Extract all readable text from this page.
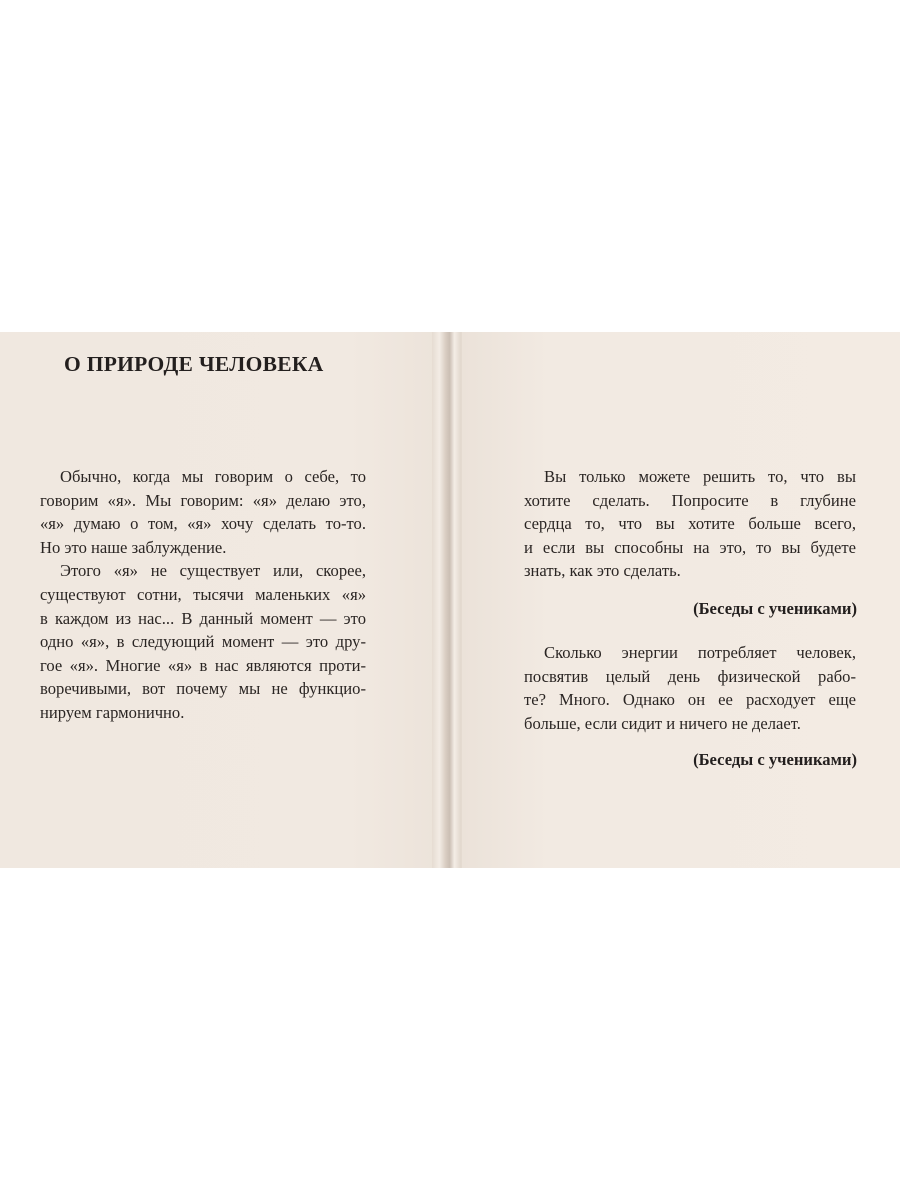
О ПРИРОДЕ ЧЕЛОВЕКА
Обычно, когда мы говорим о себе, то
говорим «я». Мы говорим: «я» делаю это,
«я» думаю о том, «я» хочу сделать то-то.
Но это наше заблуждение.
Этого «я» не существует или, скорее,
существуют сотни, тысячи маленьких «я»
в каждом из нас... В данный момент — это
одно «я», в следующий момент — это дру-
гое «я». Многие «я» в нас являются проти-
воречивыми, вот почему мы не функцио-
нируем гармонично.
Вы только можете решить то, что вы
хотите сделать. Попросите в глубине
сердца то, что вы хотите больше всего,
и если вы способны на это, то вы будете
знать, как это сделать.
(Беседы с учениками)
Сколько энергии потребляет человек,
посвятив целый день физической рабо-
те? Много. Однако он ее расходует еще
больше, если сидит и ничего не делает.
(Беседы с учениками)
